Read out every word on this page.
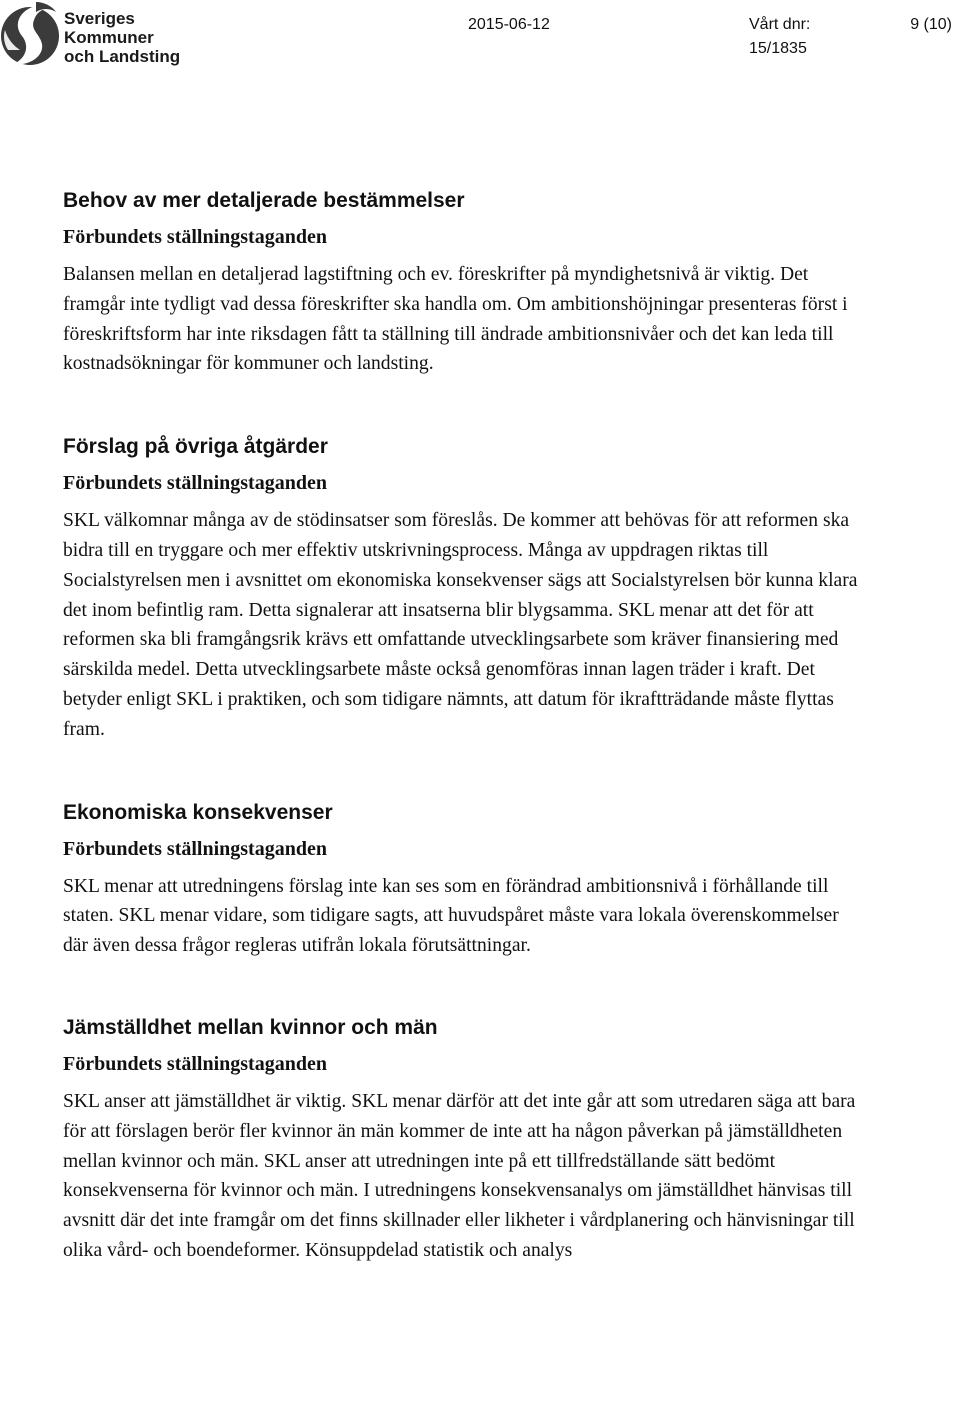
Sveriges
Kommuner
och Landsting
2015-06-12	Vårt dnr:
15/1835
9 (10)
Behov av mer detaljerade bestämmelser
Förbundets ställningstaganden

Balansen mellan en detaljerad lagstiftning och ev. föreskrifter på myndighetsnivå är viktig. Det framgår inte tydligt vad dessa föreskrifter ska handla om. Om ambitionshöjningar presenteras först i föreskriftsform har inte riksdagen fått ta ställning till ändrade ambitionsnivåer och det kan leda till kostnadsökningar för kommuner och landsting.

Förslag på övriga åtgärder
Förbundets ställningstaganden

SKL välkomnar många av de stödinsatser som föreslås. De kommer att behövas för att reformen ska bidra till en tryggare och mer effektiv utskrivningsprocess. Många av uppdragen riktas till Socialstyrelsen men i avsnittet om ekonomiska konsekvenser sägs att Socialstyrelsen bör kunna klara det inom befintlig ram. Detta signalerar att insatserna blir blygsamma. SKL menar att det för att reformen ska bli framgångsrik krävs ett omfattande utvecklingsarbete som kräver finansiering med särskilda medel. Detta utvecklingsarbete måste också genomföras innan lagen träder i kraft. Det betyder enligt SKL i praktiken, och som tidigare nämnts, att datum för ikraftträdande måste flyttas fram.

Ekonomiska konsekvenser
Förbundets ställningstaganden

SKL menar att utredningens förslag inte kan ses som en förändrad ambitionsnivå i förhållande till staten. SKL menar vidare, som tidigare sagts, att huvudspåret måste vara lokala överenskommelser där även dessa frågor regleras utifrån lokala förutsättningar.

Jämställdhet mellan kvinnor och män
Förbundets ställningstaganden

SKL anser att jämställdhet är viktig. SKL menar därför att det inte går att som utredaren säga att bara för att förslagen berör fler kvinnor än män kommer de inte att ha någon påverkan på jämställdheten mellan kvinnor och män. SKL anser att utredningen inte på ett tillfredställande sätt bedömt konsekvenserna för kvinnor och män. I utredningens konsekvensanalys om jämställdhet hänvisas till avsnitt där det inte framgår om det finns skillnader eller likheter i vårdplanering och hänvisningar till olika vård- och boendeformer. Könsuppdelad statistik och analys
